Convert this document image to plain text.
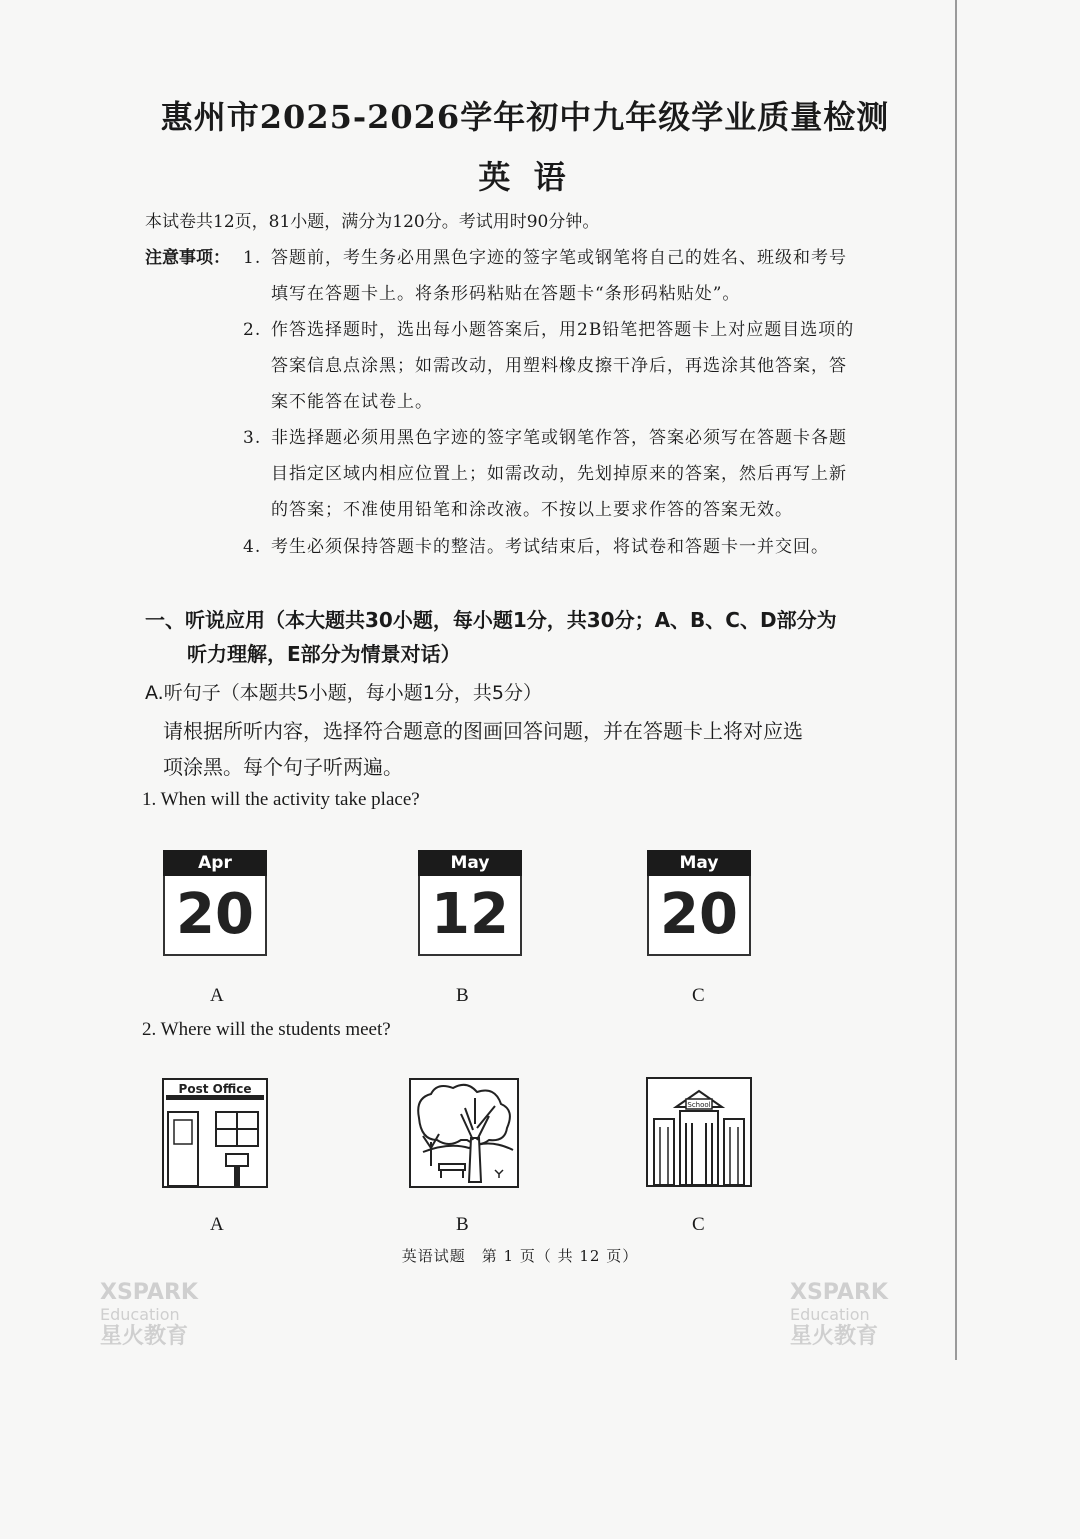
惠州市2025-2026学年初中九年级学业质量检测
英 语
本试卷共12页，81小题，满分为120分。考试用时90分钟。
注意事项： 1. 答题前，考生务必用黑色字迹的签字笔或钢笔将自己的姓名、班级和考号
填写在答题卡上。将条形码粘贴在答题卡“条形码粘贴处”。
2. 作答选择题时，选出每小题答案后，用2B铅笔把答题卡上对应题目选项的
答案信息点涂黑；如需改动，用塑料橡皮擦干净后，再选涂其他答案，答
案不能答在试卷上。
3. 非选择题必须用黑色字迹的签字笔或钢笔作答，答案必须写在答题卡各题
目指定区域内相应位置上；如需改动，先划掉原来的答案，然后再写上新
的答案；不准使用铅笔和涂改液。不按以上要求作答的答案无效。
4. 考生必须保持答题卡的整洁。考试结束后，将试卷和答题卡一并交回。
一、听说应用（本大题共30小题，每小题1分，共30分；A、B、C、D部分为
听力理解，E部分为情景对话）
A.听句子（本题共5小题，每小题1分，共5分）
请根据所听内容，选择符合题意的图画回答问题，并在答题卡上将对应选
项涂黑。每个句子听两遍。
1. When will the activity take place?
Apr
20
May
12
May
20
A	B	C
2. Where will the students meet?
Post Office
School
A	B	C
英语试题　第 1 页（ 共 12 页）
XSPARK
Education
星火教育
XSPARK
Education
星火教育
